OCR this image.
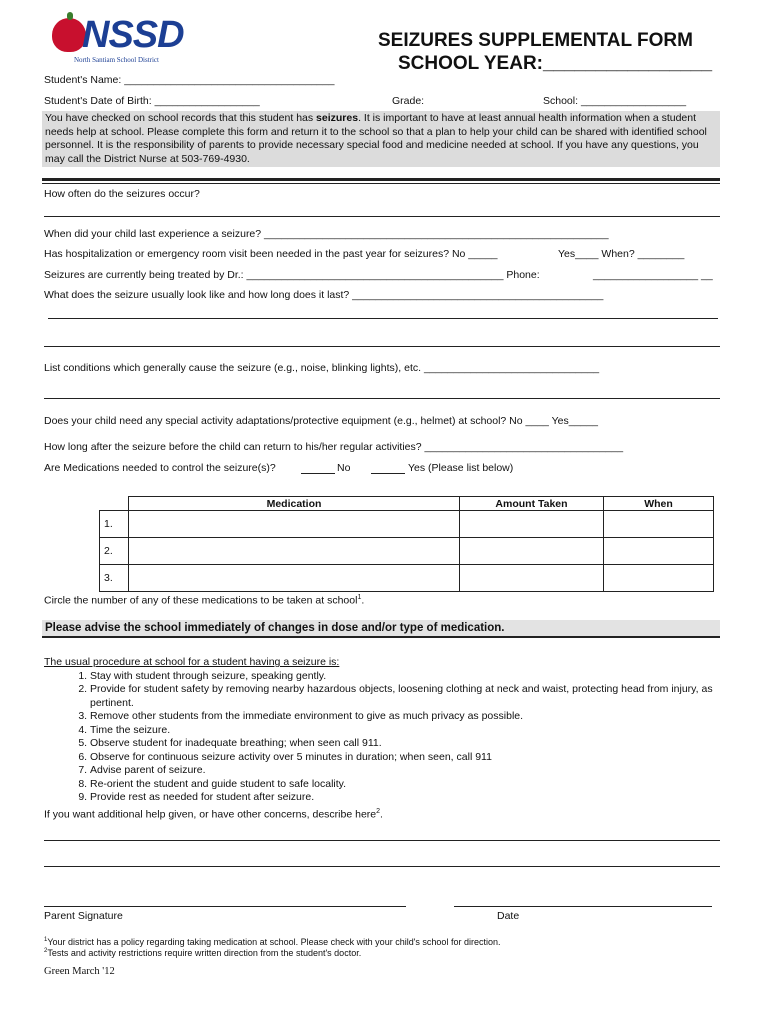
NSSD
North Santiam School District
SEIZURES SUPPLEMENTAL FORM
SCHOOL YEAR:________________
Student's Name: ____________________________________
Student's Date of Birth: __________________	Grade:	School: __________________
You have checked on school records that this student has seizures. It is important to have at least annual health information when a student needs help at school. Please complete this form and return it to the school so that a plan to help your child can be shared with identified school personnel. It is the responsibility of parents to provide necessary special food and medicine needed at school. If you have any questions, you may call the District Nurse at 503-769-4930.
How often do the seizures occur?
When did your child last experience a seizure? ___________________________________________________________
Has hospitalization or emergency room visit been needed in the past year for seizures? No _____	Yes____ When? ________
Seizures are currently being treated by Dr.: ____________________________________________ Phone:	__________________ __
What does the seizure usually look like and how long does it last? ___________________________________________
List conditions which generally cause the seizure (e.g., noise, blinking lights), etc. ______________________________
Does your child need any special activity adaptations/protective equipment (e.g., helmet) at school? No ____ Yes_____
How long after the seizure before the child can return to his/her regular activities? __________________________________
Are Medications needed to control the seizure(s)?	No	Yes (Please list below)
	Medication	Amount Taken	When
1.			
2.			
3.			
Circle the number of any of these medications to be taken at school$^1$.
Please advise the school immediately of changes in dose and/or type of medication.
The usual procedure at school for a student having a seizure is:
1. Stay with student through seizure, speaking gently.
2. Provide for student safety by removing nearby hazardous objects, loosening clothing at neck and waist, protecting head from injury, as pertinent.
3. Remove other students from the immediate environment to give as much privacy as possible.
4. Time the seizure.
5. Observe student for inadequate breathing; when seen call 911.
6. Observe for continuous seizure activity over 5 minutes in duration; when seen, call 911
7. Advise parent of seizure.
8. Re-orient the student and guide student to safe locality.
9. Provide rest as needed for student after seizure.
If you want additional help given, or have other concerns, describe here$^2$.
Parent Signature	Date
$^1$Your district has a policy regarding taking medication at school. Please check with your child's school for direction.
$^2$Tests and activity restrictions require written direction from the student's doctor.
Green March '12
